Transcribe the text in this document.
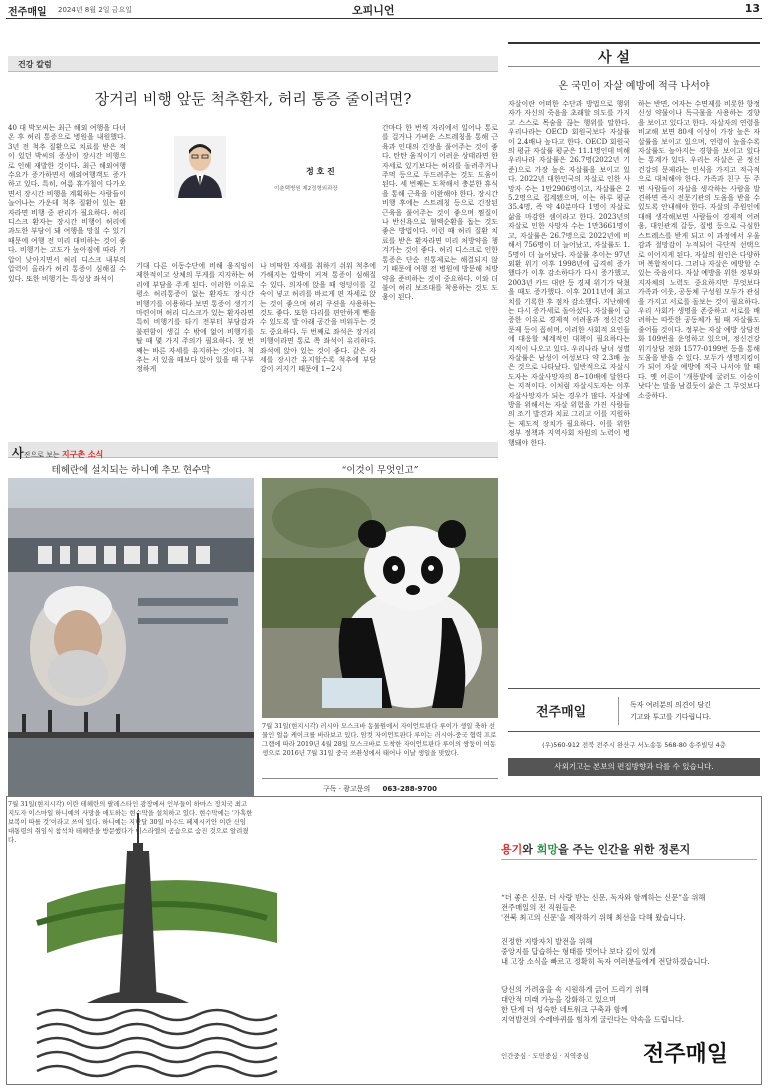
전주매일 2024년 8월 2일 금요일	오피니언	13
건강 칼럼
장거리 비행 앞둔 척추환자, 허리 통증 줄이려면?
40 대 박모씨는 최근 해외 여행을 다녀온 후 허리 통증으로 병원을 내원했다. 3년 전 척추 질환으로 치료를 받은 적이 있던 박씨의 증상이 장시간 비행으로 인해 재발한 것이다. 최근 해외여행 수요가 증가하면서 해외여행객도 증가하고 있다. 특히, 여름 휴가철이 다가오면서 장시간 비행을 계획하는 사람들이 늘어나는 가운데 척추 질환이 있는 환자라면 비행 중 관리가 필요하다. 허리 디스크 환자는 장시간 비행이 허리에 과도한 부담이 돼 여행을 망칠 수 있기 때문에 여행 전 미리 대비하는 것이 좋다. 비행기는 고도가 높아짐에 따라 기압이 낮아지면서 허리 디스크 내부의 압력이 올라가 허리 통증이 심해질 수 있다. 또한 비행기는 특성상 좌석이
정 호 진
이춘택병원 제2정형외과장
기대 다른 이동수단에 비해 움직임이 제한적이고 상체의 무게를 지지하는 허리에 부담을 주게 된다. 이러한 이유로 평소 허리통증이 없는 환자도 장시간 비행기를 이용하다 보면 통증이 생기기 마련이며 허리 디스크가 있는 환자라면 특히 비행기를 타기 전부터 부담감과 불편함이 생길 수 밖에 없어 비행기를 탈 때 몇 가지 주의가 필요하다. 첫 번째는 바른 자세를 유지하는 것이다. 척추는 서 있을 때보다 앉아 있을 때 구부정하게
나 비딱한 자세를 취하기 쉬워 척추에 가해지는 압박이 커져 통증이 심해질 수 있다. 의자에 앉을 때 엉덩이를 깊숙이 넣고 허리를 바르게 편 자세로 앉는 것이 좋으며 허리 쿠션을 사용하는 것도 좋다. 또한 다리를 편안하게 뻗을 수 있도록 발 아래 공간을 비워두는 것도 중요하다. 두 번째로 좌석은 장거리 비행이라면 통로 쪽 좌석이 유리하다. 좌석에 앉아 있는 것이 좋다. 같은 자세를 장시간 유지할수록 척추에 부담감이 커지기 때문에 1~2시
간마다 한 번씩 자리에서 일어나 통로를 걸거나 가벼운 스트레칭을 통해 근육과 인대의 긴장을 풀어주는 것이 좋다. 탄탄 움직이기 어려운 상태라면 한 자세로 있기보다는 허리를 돌려주거나 주먹 등으로 두드려주는 것도 도움이 된다. 세 번째는 도착해서 충분한 휴식을 통해 근육을 이완해야 한다. 장시간 비행 후에는 스트레칭 등으로 긴장된 근육을 풀어주는 것이 좋으며 찜질이나 반신욕으로 혈액순환을 돕는 것도 좋은 방법이다. 이런 때 허리 질환 치료를 받은 환자라면 미리 처방약을 챙겨가는 것이 좋다. 허리 디스크로 인한 통증은 단순 진통제로는 해결되지 않기 때문에 여행 전 병원에 방문해 처방약을 준비하는 것이 중요하다. 이와 더불어 허리 보조대를 착용하는 것도 도움이 된다.
사 설
온 국민이 자살 예방에 적극 나서야
자살이란 어떠한 수단과 방법으로 행위자가 자신의 죽음을 초래할 의도를 가지고 스스로 목숨을 끊는 행위를 말한다. 우리나라는 OECD 회원국보다 자살률이 2.4배나 높다고 한다. OECD 회원국의 평균 자살률 평균은 11.1명인데 비해 우리나라 자살률은 26.7명(2022년 기준)으로 가장 높은 자살률을 보이고 있다. 2022년 대한민국의 자살로 인한 사망자 수는 1만2906명이고, 자살률은 25.2명으로 집계됐으며, 이는 하루 평균 35.4명, 즉 약 40분마다 1명이 자살로 삶을 마감한 셈이라고 한다. 2023년의 자살로 인한 사망자 수는 1만3661명이고, 자살률은 26.7명으로 2022년에 비해서 756명이 더 늘어났고, 자살률도 1.5명이 더 늘어났다. 자살률 추이는 97년 외환 위기 이후 1998년에 급격히 증가했다가 이후 감소하다가 다시 증가했고, 2003년 카드 대란 등 경제 위기가 닥쳤을 때도 증가했다. 이후 2011년에 최고치를 기록한 후 점차 감소했다. 지난해에는 다시 증가세로 돌아섰다. 자살률이 급증한 이유로 경제적 어려움과 정신건강 문제 등이 꼽히며, 이러한 사회적 요인들에 대응할 체계적인 대책이 필요하다는 지적이 나오고 있다. 우리나라 남녀 성별 자살률은 남성이 여성보다 약 2.3배 높은 것으로 나타났다. 일반적으로 자살시도자는 자살사망자의 8~10배에 달한다는 지적이다. 이처럼 자살시도자는 이후 자살사망자가 되는 경우가 많다. 자살예방을 위해서는 자살 위험을 가진 사람들의 조기 발견과 치료 그리고 이를 지원하는 제도적 장치가 필요하다. 이를 위한 정부 정책과 지역사회 차원의 노력이 병행돼야 한다.
하는 반면, 여자는 수면제를 비롯한 향정신성 약물이나 독극물을 사용하는 경향을 보이고 있다고 한다. 자살자의 연령을 비교해 보면 80세 이상이 가장 높은 자살률을 보이고 있으며, 연령이 높을수록 자살률도 높아지는 경향을 보이고 있다는 통계가 있다. 우리는 자살은 곧 정신 건강의 문제라는 인식을 가지고 적극적으로 대처해야 한다. 가족과 친구 등 주변 사람들이 자살을 생각하는 사람을 발견하면 즉시 전문기관의 도움을 받을 수 있도록 안내해야 한다. 자살의 주원인에 대해 생각해보면 사람들이 경제적 어려움, 대인관계 갈등, 질병 등으로 극심한 스트레스를 받게 되고 이 과정에서 우울감과 절망감이 누적되어 극단적 선택으로 이어지게 된다. 자살의 원인은 다양하며 복합적이다. 그러나 자살은 예방할 수 있는 죽음이다. 자살 예방을 위한 정부와 지자체의 노력도 중요하지만 무엇보다 가족과 이웃, 공동체 구성원 모두가 관심을 가지고 서로를 돌보는 것이 필요하다. 우리 사회가 생명을 존중하고 서로를 배려하는 따뜻한 공동체가 될 때 자살률도 줄어들 것이다. 정부는 자살 예방 상담전화 109번을 운영하고 있으며, 정신건강 위기상담 전화 1577-0199번 등을 통해 도움을 받을 수 있다. 모두가 생명지킴이가 되어 자살 예방에 적극 나서야 할 때다. 옛 어른이 '개똥밭에 굴러도 이승이 낫다'는 말을 남겼듯이 삶은 그 무엇보다 소중하다.
전주매일	독자 여러분의 의견이 담긴
기고와 투고를 기다립니다.
(우)560-912 전북 전주시 완산구 서노송동 568-80 송주빌딩 4층
사외기고는 본보의 편집방향과 다를 수 있습니다.
사진으로 보는 지구촌 소식
테헤란에 설치되는 하니예 추모 현수막
7월 31일(현지시각) 이란 테헤란의 팔레스타인 광장에서 인부들이 하마스 정치국 최고 지도자 이스마일 하니예의 사망을 애도하는 현수막을 설치하고 있다. 현수막에는 '가혹한 보복이 따를 것'이라고 쓰여 있다. 하니예는 지난달 30일 마수드 페제시키안 이란 신임 대통령의 취임식 참석차 테헤란을 방문했다가 이스라엘의 공습으로 숨진 것으로 알려졌다.
“이것이 무엇인고”
7월 31일(현지시각) 러시아 모스크바 동물원에서 자이언트판다 루이가 생일 축하 선물인 얼음 케이크를 바라보고 있다. 암컷 자이언트판다 루이는 러시아-중국 협력 프로그램에 따라 2019년 4월 28일 모스크바로 도착한 자이언트판다 루이의 쌍둥이 여동생으로 2016년 7월 31일 중국 쓰촨성에서 태어나 이날 생일을 맞았다.
구독 · 광고문의 063-288-9700
용기와 희망을 주는 인간을 위한 정론지
“더 좋은 신문, 더 사랑 받는 신문, 독자와 함께하는 신문”을 위해
전주매일의 전 직원들은
'전북 최고의 신문'을 제작하기 위해 최선을 다해 왔습니다.
진정한 지방자치 발전을 위해
중앙지를 답습하는 형태를 벗어나 보다 깊이 있게
내 고장 소식을 빠르고 정확히 독자 여러분들에게 전달하겠습니다.
당신의 가려움을 속 시원하게 긁어 드리기 위해
대안적 미래 가능을 강화하고 있으며
한 단계 더 성숙한 네트워크 구축과 함께
지역발전의 수레바퀴를 힘차게 굴린다는 약속을 드립니다.
인간중심 · 도민중심 · 지역중심 전주매일
